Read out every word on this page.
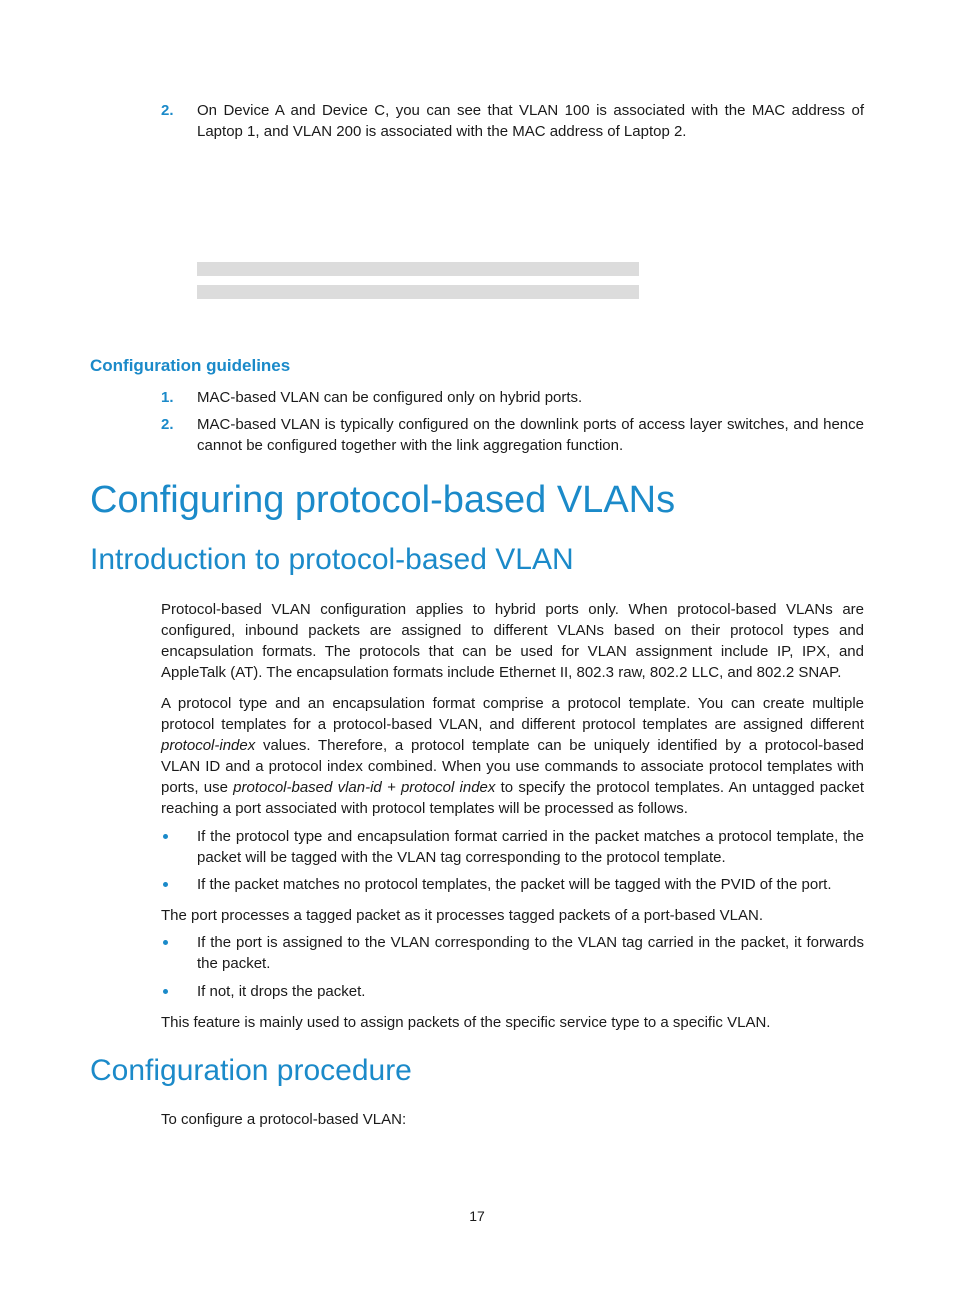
2. On Device A and Device C, you can see that VLAN 100 is associated with the MAC address of Laptop 1, and VLAN 200 is associated with the MAC address of Laptop 2.
Configuration guidelines
1. MAC-based VLAN can be configured only on hybrid ports.
2. MAC-based VLAN is typically configured on the downlink ports of access layer switches, and hence cannot be configured together with the link aggregation function.
Configuring protocol-based VLANs
Introduction to protocol-based VLAN
Protocol-based VLAN configuration applies to hybrid ports only. When protocol-based VLANs are configured, inbound packets are assigned to different VLANs based on their protocol types and encapsulation formats. The protocols that can be used for VLAN assignment include IP, IPX, and AppleTalk (AT). The encapsulation formats include Ethernet II, 802.3 raw, 802.2 LLC, and 802.2 SNAP.
A protocol type and an encapsulation format comprise a protocol template. You can create multiple protocol templates for a protocol-based VLAN, and different protocol templates are assigned different protocol-index values. Therefore, a protocol template can be uniquely identified by a protocol-based VLAN ID and a protocol index combined. When you use commands to associate protocol templates with ports, use protocol-based vlan-id + protocol index to specify the protocol templates. An untagged packet reaching a port associated with protocol templates will be processed as follows.
If the protocol type and encapsulation format carried in the packet matches a protocol template, the packet will be tagged with the VLAN tag corresponding to the protocol template.
If the packet matches no protocol templates, the packet will be tagged with the PVID of the port.
The port processes a tagged packet as it processes tagged packets of a port-based VLAN.
If the port is assigned to the VLAN corresponding to the VLAN tag carried in the packet, it forwards the packet.
If not, it drops the packet.
This feature is mainly used to assign packets of the specific service type to a specific VLAN.
Configuration procedure
To configure a protocol-based VLAN:
17
